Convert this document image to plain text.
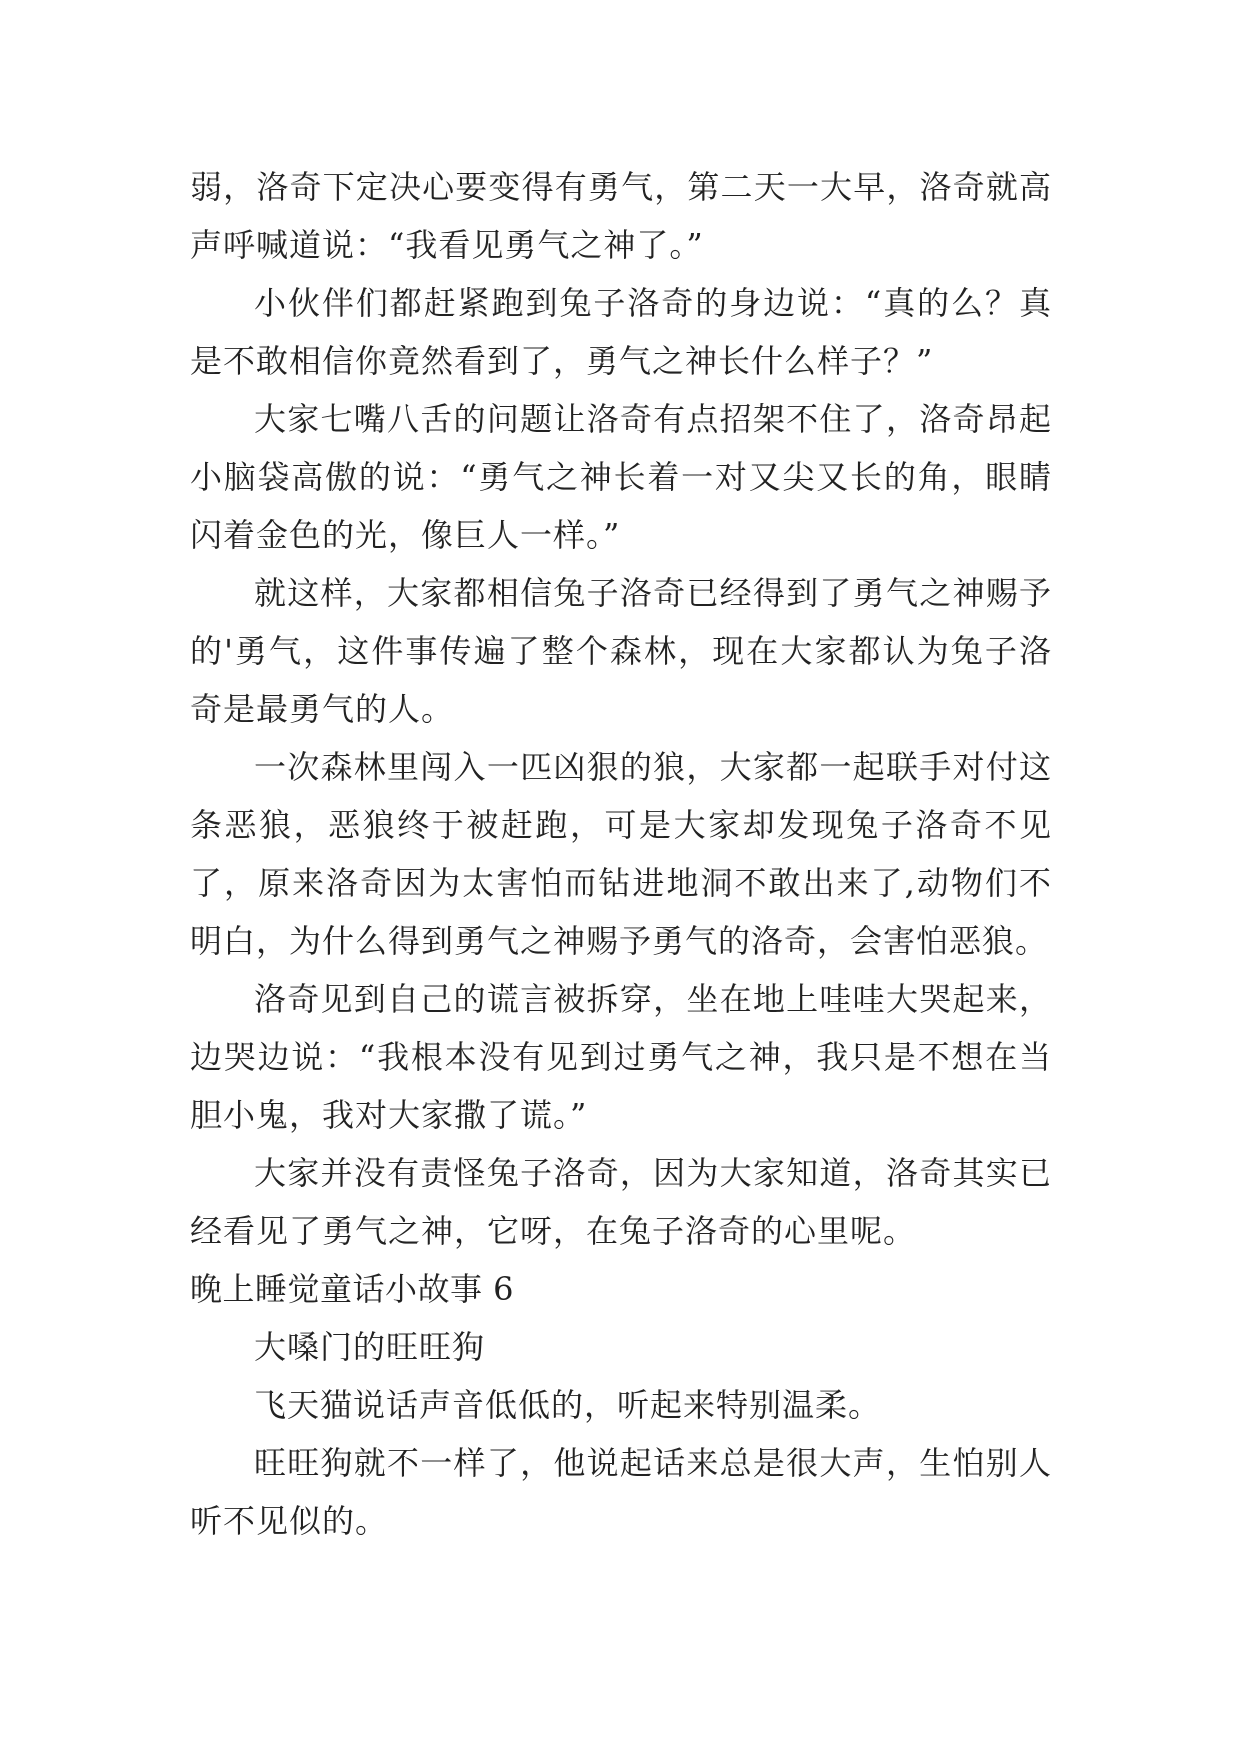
弱，洛奇下定决心要变得有勇气，第二天一大早，洛奇就高声呼喊道说：“我看见勇气之神了。”

小伙伴们都赶紧跑到兔子洛奇的身边说：“真的么？真是不敢相信你竟然看到了，勇气之神长什么样子？”

大家七嘴八舌的问题让洛奇有点招架不住了，洛奇昂起小脑袋高傲的说：“勇气之神长着一对又尖又长的角，眼睛闪着金色的光，像巨人一样。”

就这样，大家都相信兔子洛奇已经得到了勇气之神赐予的'勇气，这件事传遍了整个森林，现在大家都认为兔子洛奇是最勇气的人。

一次森林里闯入一匹凶狠的狼，大家都一起联手对付这条恶狼，恶狼终于被赶跑，可是大家却发现兔子洛奇不见了，原来洛奇因为太害怕而钻进地洞不敢出来了,动物们不明白，为什么得到勇气之神赐予勇气的洛奇，会害怕恶狼。

洛奇见到自己的谎言被拆穿，坐在地上哇哇大哭起来，边哭边说：“我根本没有见到过勇气之神，我只是不想在当胆小鬼，我对大家撒了谎。”

大家并没有责怪兔子洛奇，因为大家知道，洛奇其实已经看见了勇气之神，它呀，在兔子洛奇的心里呢。

晚上睡觉童话小故事 6

大嗓门的旺旺狗

飞天猫说话声音低低的，听起来特别温柔。

旺旺狗就不一样了，他说起话来总是很大声，生怕别人听不见似的。
